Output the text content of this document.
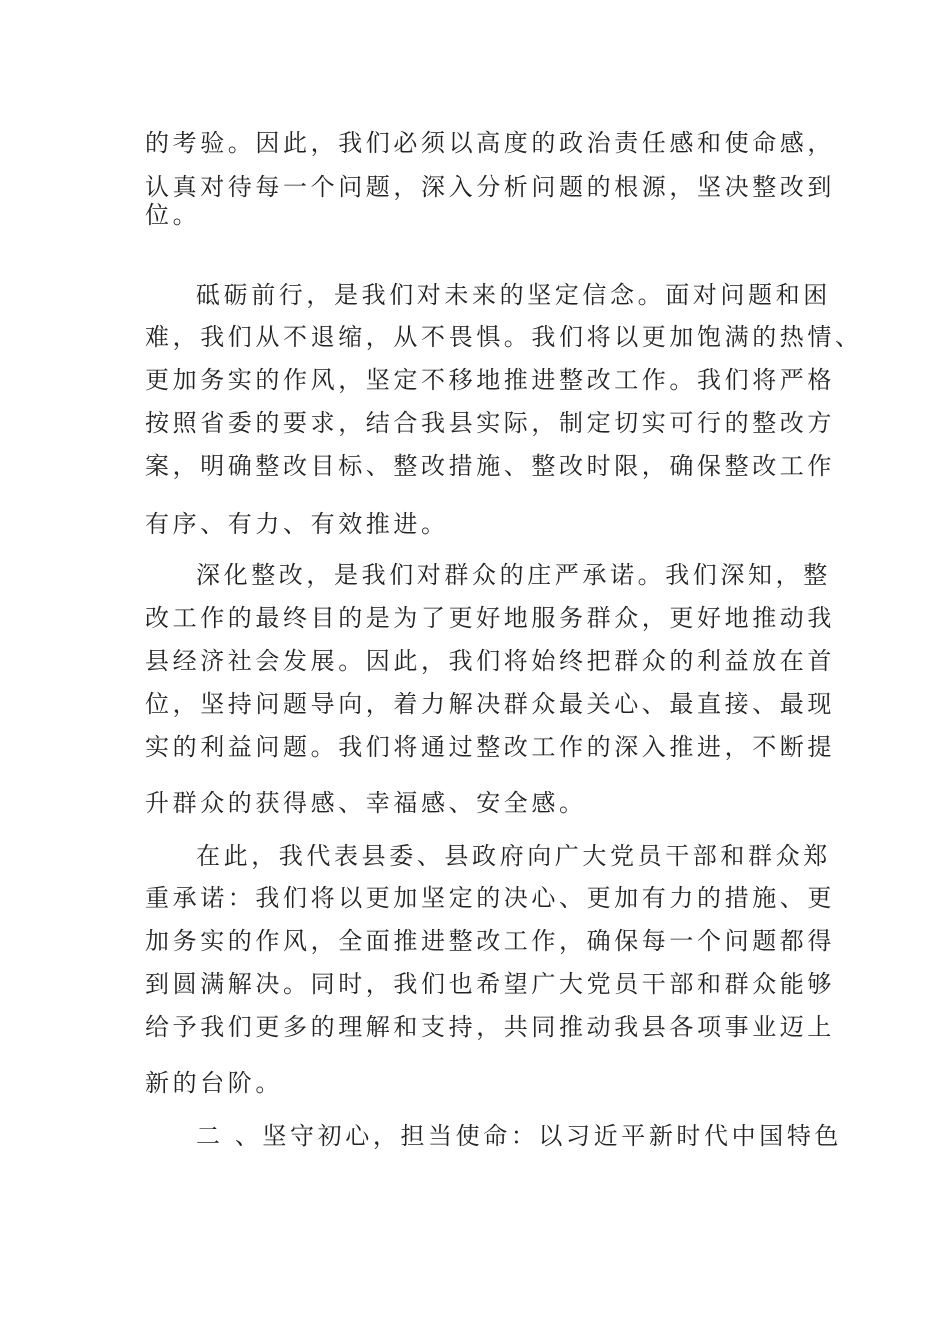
的考验。因此，我们必须以高度的政治责任感和使命感，
认真对待每一个问题，深入分析问题的根源，坚决整改到
位。
砥砺前行，是我们对未来的坚定信念。面对问题和困
难，我们从不退缩，从不畏惧。我们将以更加饱满的热情、
更加务实的作风，坚定不移地推进整改工作。我们将严格
按照省委的要求，结合我县实际，制定切实可行的整改方
案，明确整改目标、整改措施、整改时限，确保整改工作
有序、有力、有效推进。
深化整改，是我们对群众的庄严承诺。我们深知，整
改工作的最终目的是为了更好地服务群众，更好地推动我
县经济社会发展。因此，我们将始终把群众的利益放在首
位，坚持问题导向，着力解决群众最关心、最直接、最现
实的利益问题。我们将通过整改工作的深入推进，不断提
升群众的获得感、幸福感、安全感。
在此，我代表县委、县政府向广大党员干部和群众郑
重承诺：我们将以更加坚定的决心、更加有力的措施、更
加务实的作风，全面推进整改工作，确保每一个问题都得
到圆满解决。同时，我们也希望广大党员干部和群众能够
给予我们更多的理解和支持，共同推动我县各项事业迈上
新的台阶。
二 、坚守初心，担当使命：以习近平新时代中国特色
